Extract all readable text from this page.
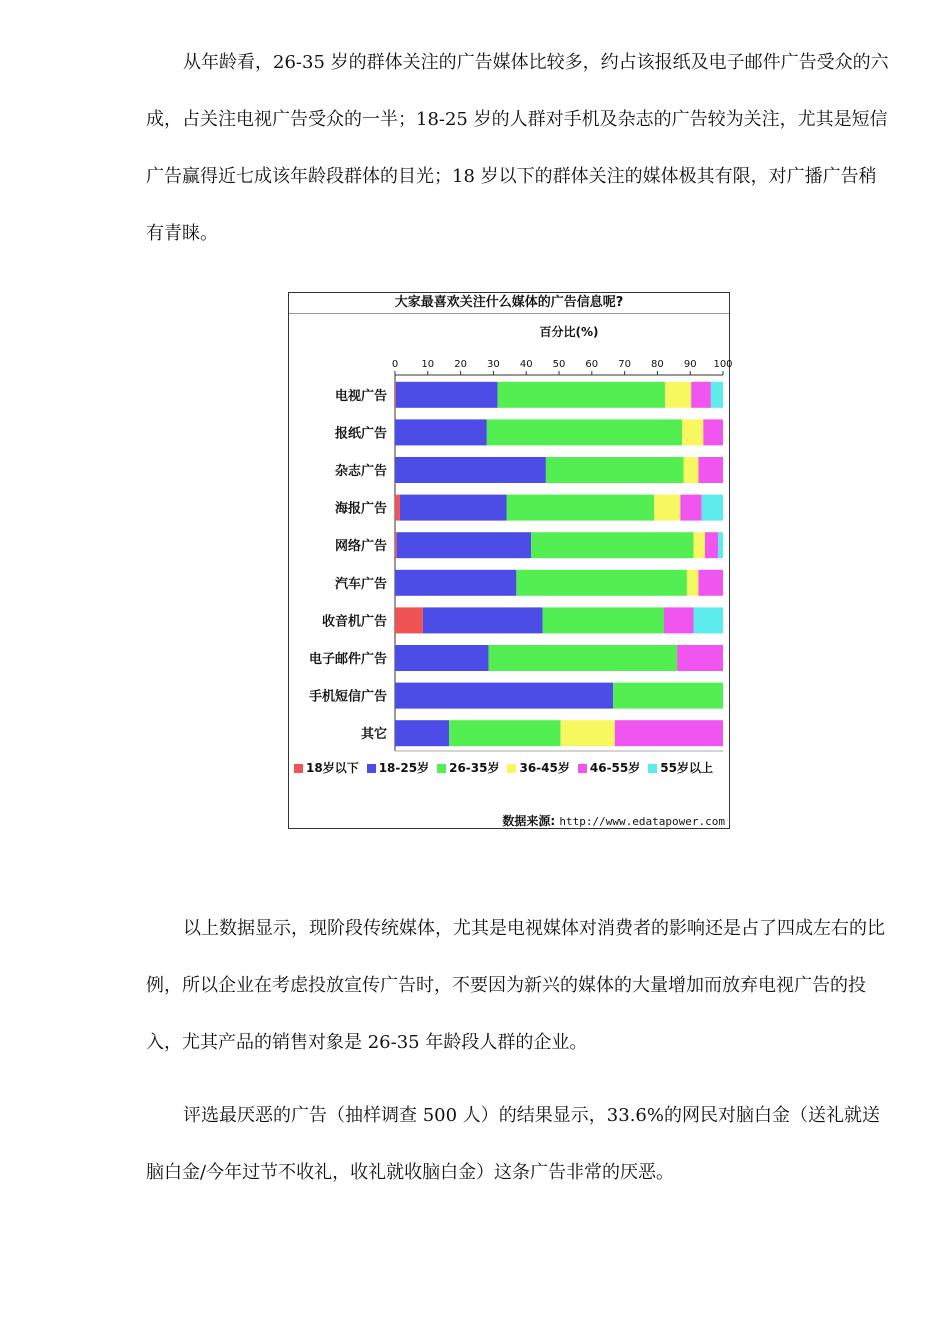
从年龄看，26-35 岁的群体关注的广告媒体比较多，约占该报纸及电子邮件广告受众的六成，占关注电视广告受众的一半；18-25 岁的人群对手机及杂志的广告较为关注，尤其是短信广告赢得近七成该年龄段群体的目光；18 岁以下的群体关注的媒体极其有限，对广播广告稍有青睐。

大家最喜欢关注什么媒体的广告信息呢?
百分比(%)
0 10 20 30 40 50 60 70 80 90 100
电视广告
报纸广告
杂志广告
海报广告
网络广告
汽车广告
收音机广告
电子邮件广告
手机短信广告
其它
18岁以下 18-25岁 26-35岁 36-45岁 46-55岁 55岁以上
数据来源: http://www.edatapower.com

以上数据显示，现阶段传统媒体，尤其是电视媒体对消费者的影响还是占了四成左右的比例，所以企业在考虑投放宣传广告时，不要因为新兴的媒体的大量增加而放弃电视广告的投入，尤其产品的销售对象是 26-35 年龄段人群的企业。

评选最厌恶的广告（抽样调查 500 人）的结果显示，33.6%的网民对脑白金（送礼就送脑白金/今年过节不收礼，收礼就收脑白金）这条广告非常的厌恶。
